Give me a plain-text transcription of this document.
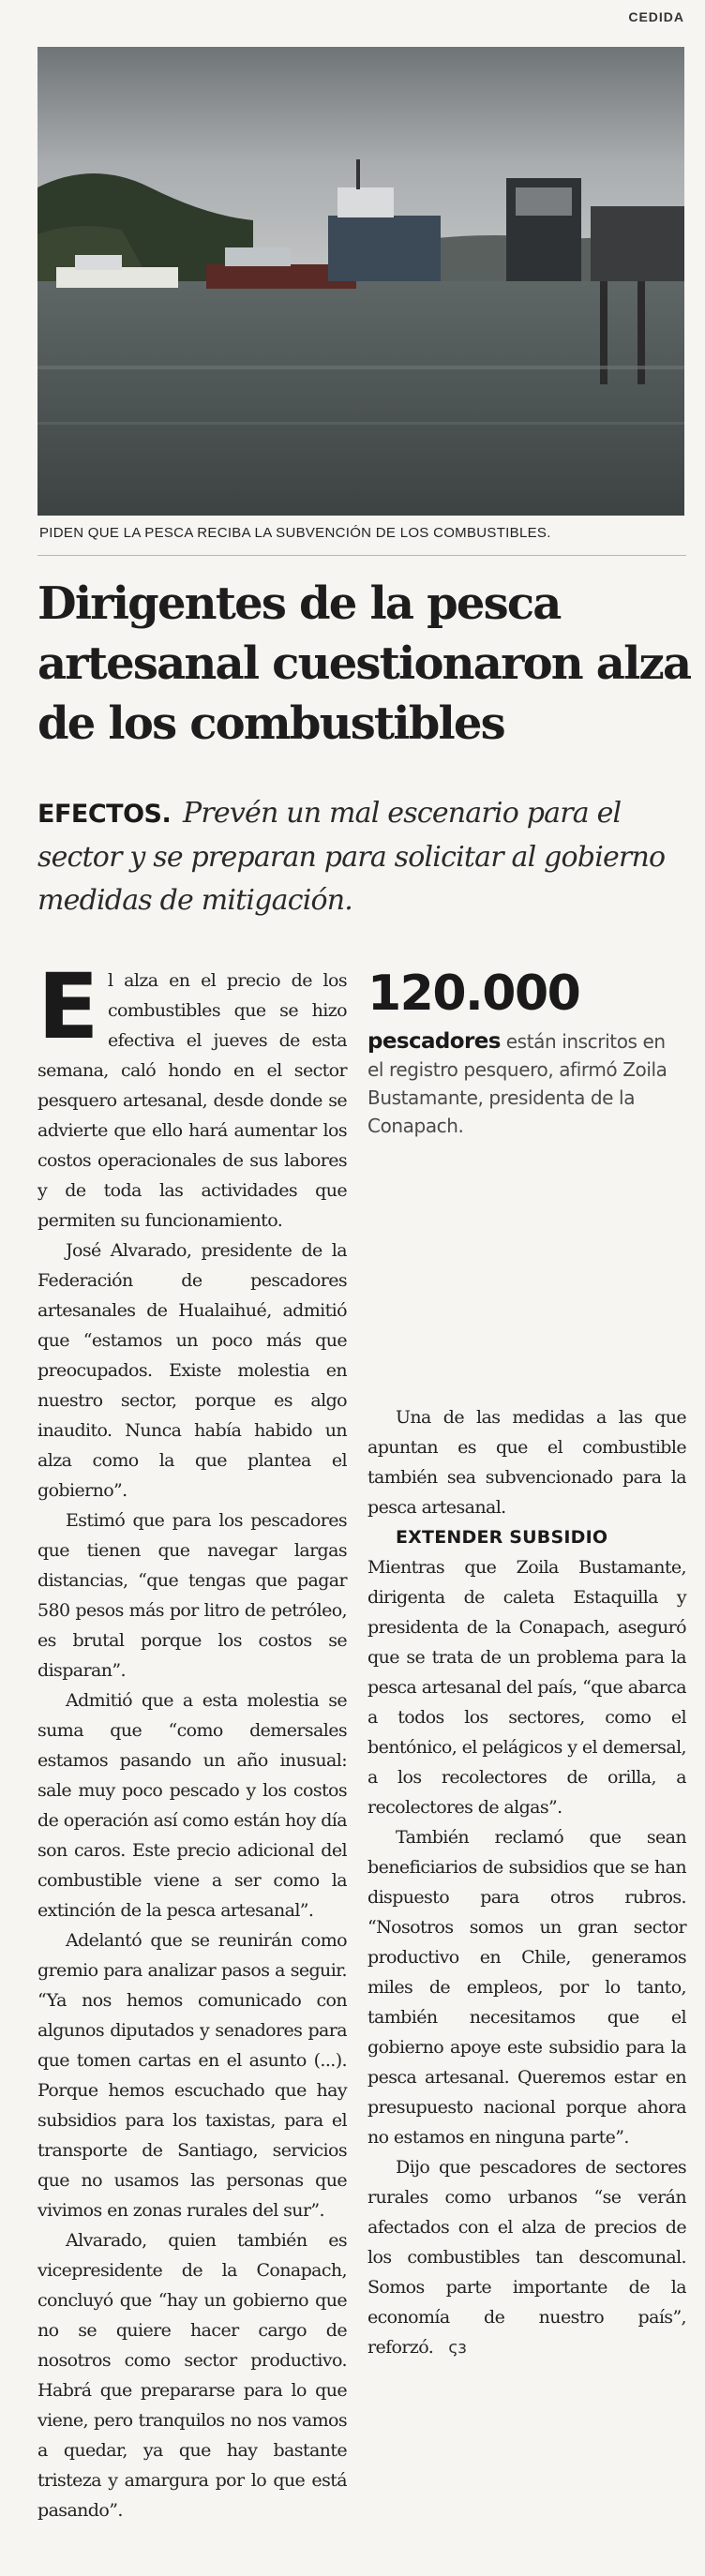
CEDIDA
PIDEN QUE LA PESCA RECIBA LA SUBVENCIÓN DE LOS COMBUSTIBLES.
Dirigentes de la pesca artesanal cuestionaron alza de los combustibles
EFECTOS. Prevén un mal escenario para el sector y se preparan para solicitar al gobierno medidas de mitigación.

El alza en el precio de los combustibles que se hizo efectiva el jueves de esta semana, caló hondo en el sector pesquero artesanal, desde donde se advierte que ello hará aumentar los costos operacionales de sus labores y de toda las actividades que permiten su funcionamiento.

José Alvarado, presidente de la Federación de pescadores artesanales de Hualaihué, admitió que “estamos un poco más que preocupados. Existe molestia en nuestro sector, porque es algo inaudito. Nunca había habido un alza como la que plantea el gobierno”.

Estimó que para los pescadores que tienen que navegar largas distancias, “que tengas que pagar 580 pesos más por litro de petróleo, es brutal porque los costos se disparan”.

Admitió que a esta molestia se suma que “como demersales estamos pasando un año inusual: sale muy poco pescado y los costos de operación así como están hoy día son caros. Este precio adicional del combustible viene a ser como la extinción de la pesca artesanal”.

Adelantó que se reunirán como gremio para analizar pasos a seguir. “Ya nos hemos comunicado con algunos diputados y senadores para que tomen cartas en el asunto (...). Porque hemos escuchado que hay subsidios para los taxistas, para el transporte de Santiago, servicios que no usamos las personas que vivimos en zonas rurales del sur”.

Alvarado, quien también es vicepresidente de la Conapach, concluyó que “hay un gobierno que no se quiere hacer cargo de nosotros como sector productivo. Habrá que prepararse para lo que viene, pero tranquilos no nos vamos a quedar, ya que hay bastante tristeza y amargura por lo que está pasando”.

120.000
pescadores están inscritos en el registro pesquero, afirmó Zoila Bustamante, presidenta de la Conapach.

Una de las medidas a las que apuntan es que el combustible también sea subvencionado para la pesca artesanal.

EXTENDER SUBSIDIO

Mientras que Zoila Bustamante, dirigenta de caleta Estaquilla y presidenta de la Conapach, aseguró que se trata de un problema para la pesca artesanal del país, “que abarca a todos los sectores, como el bentónico, el pelágicos y el demersal, a los recolectores de orilla, a recolectores de algas”.

También reclamó que sean beneficiarios de subsidios que se han dispuesto para otros rubros. “Nosotros somos un gran sector productivo en Chile, generamos miles de empleos, por lo tanto, también necesitamos que el gobierno apoye este subsidio para la pesca artesanal. Queremos estar en presupuesto nacional porque ahora no estamos en ninguna parte”.

Dijo que pescadores de sectores rurales como urbanos “se verán afectados con el alza de precios de los combustibles tan descomunal. Somos parte importante de la economía de nuestro país”, reforzó. ςз
